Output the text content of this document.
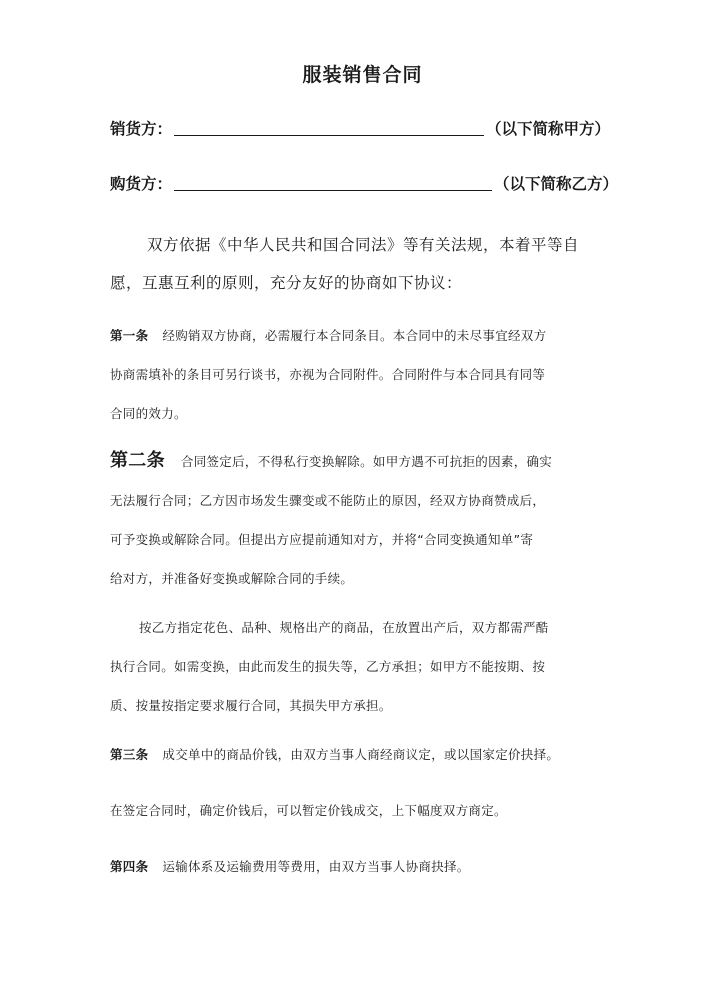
服装销售合同
销货方：	（以下简称甲方）
购货方：	（以下简称乙方）
双方依据《中华人民共和国合同法》等有关法规，本着平等自
愿，互惠互利的原则，充分友好的协商如下协议：
第一条 经购销双方协商，必需履行本合同条目。本合同中的未尽事宜经双方
协商需填补的条目可另行谈书，亦视为合同附件。合同附件与本合同具有同等
合同的效力。
第二条 合同签定后，不得私行变换解除。如甲方遇不可抗拒的因素，确实
无法履行合同；乙方因市场发生骤变或不能防止的原因，经双方协商赞成后，
可予变换或解除合同。但提出方应提前通知对方，并将“合同变换通知单”寄
给对方，并准备好变换或解除合同的手续。
按乙方指定花色、品种、规格出产的商品，在放置出产后，双方都需严酷
执行合同。如需变换，由此而发生的损失等，乙方承担；如甲方不能按期、按
质、按量按指定要求履行合同，其损失甲方承担。
第三条 成交单中的商品价钱，由双方当事人商经商议定，或以国家定价抉择。
在签定合同时，确定价钱后，可以暂定价钱成交，上下幅度双方商定。
第四条 运输体系及运输费用等费用，由双方当事人协商抉择。
